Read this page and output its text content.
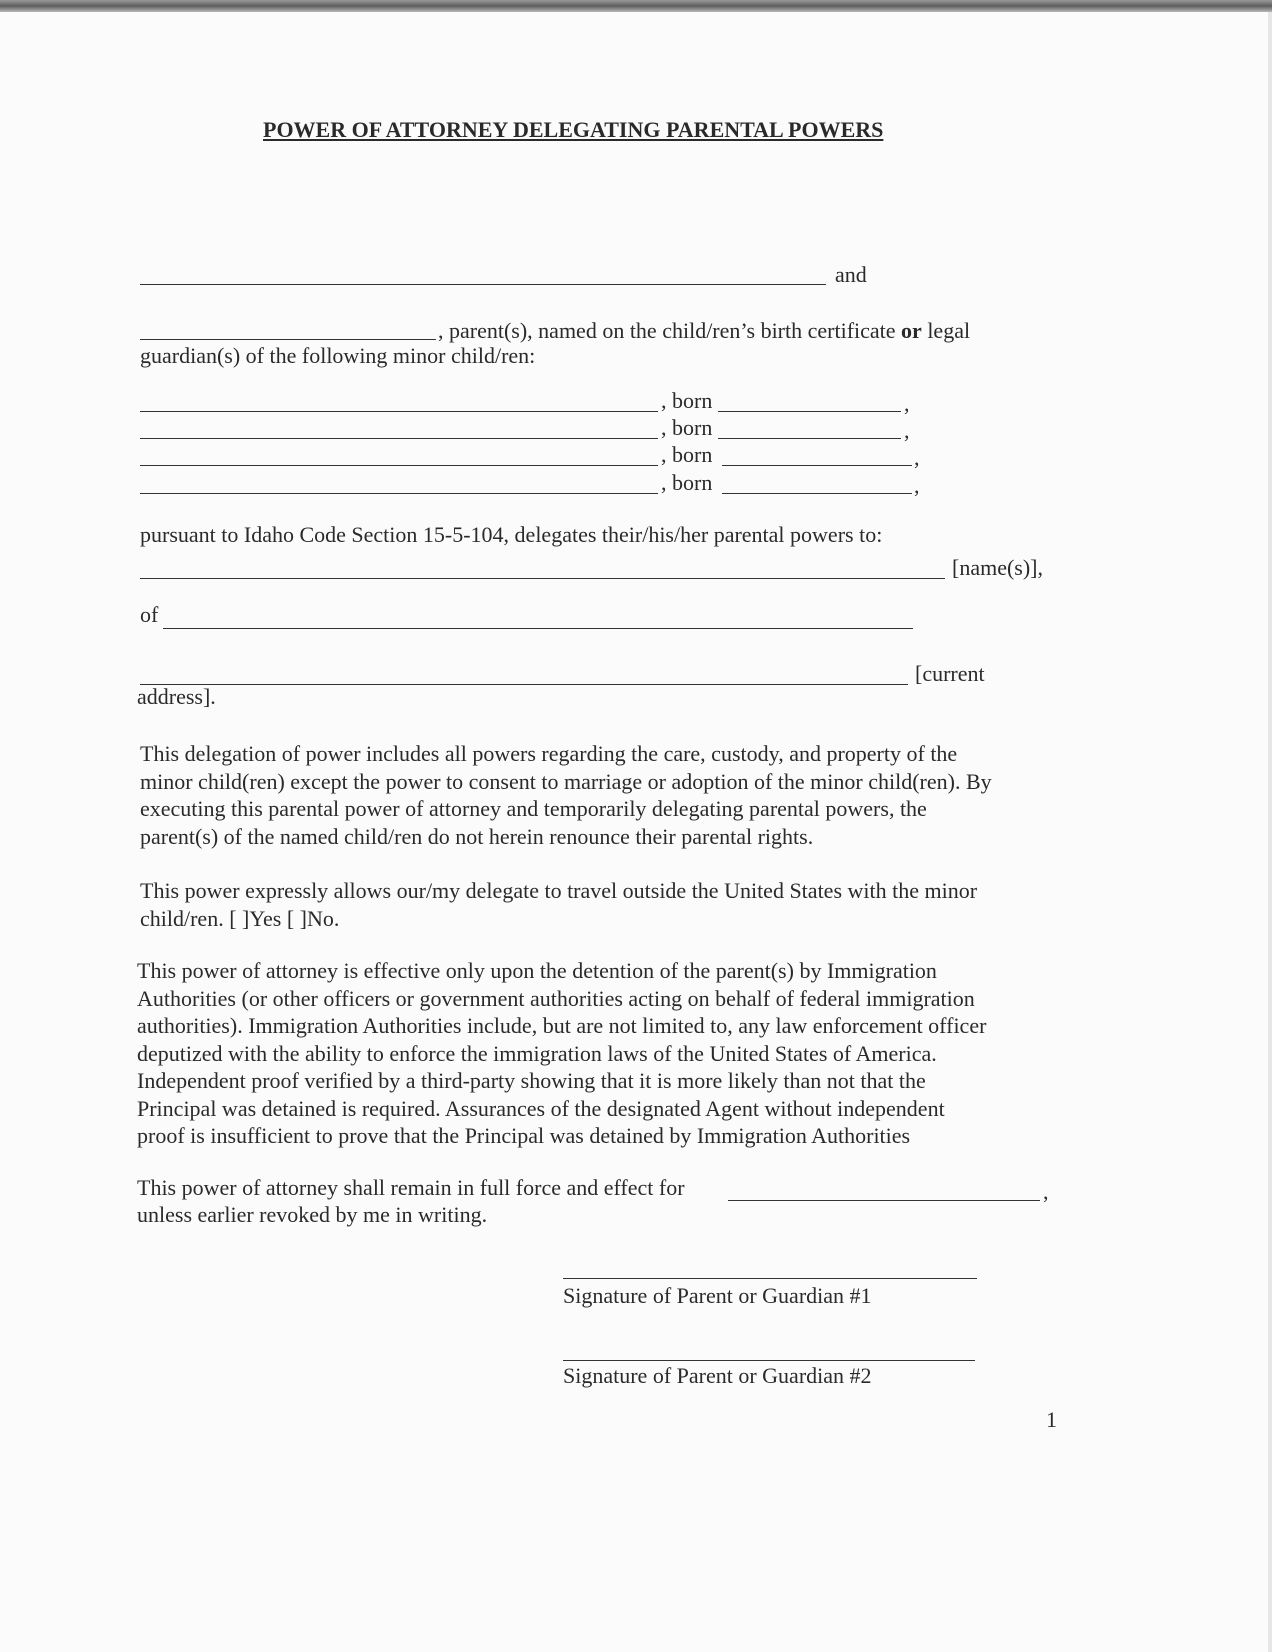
POWER OF ATTORNEY DELEGATING PARENTAL POWERS
and
, parent(s), named on the child/ren’s birth certificate or legal
guardian(s) of the following minor child/ren:
, born	,
, born	,
, born	,
, born	,
pursuant to Idaho Code Section 15-5-104, delegates their/his/her parental powers to:
[name(s)],
of
[current
address].
This delegation of power includes all powers regarding the care, custody, and property of the
minor child(ren) except the power to consent to marriage or adoption of the minor child(ren). By
executing this parental power of attorney and temporarily delegating parental powers, the
parent(s) of the named child/ren do not herein renounce their parental rights.
This power expressly allows our/my delegate to travel outside the United States with the minor
child/ren. [ ]Yes [ ]No.
This power of attorney is effective only upon the detention of the parent(s) by Immigration
Authorities (or other officers or government authorities acting on behalf of federal immigration
authorities). Immigration Authorities include, but are not limited to, any law enforcement officer
deputized with the ability to enforce the immigration laws of the United States of America.
Independent proof verified by a third-party showing that it is more likely than not that the
Principal was detained is required. Assurances of the designated Agent without independent
proof is insufficient to prove that the Principal was detained by Immigration Authorities
This power of attorney shall remain in full force and effect for	,
unless earlier revoked by me in writing.
Signature of Parent or Guardian #1
Signature of Parent or Guardian #2
1
